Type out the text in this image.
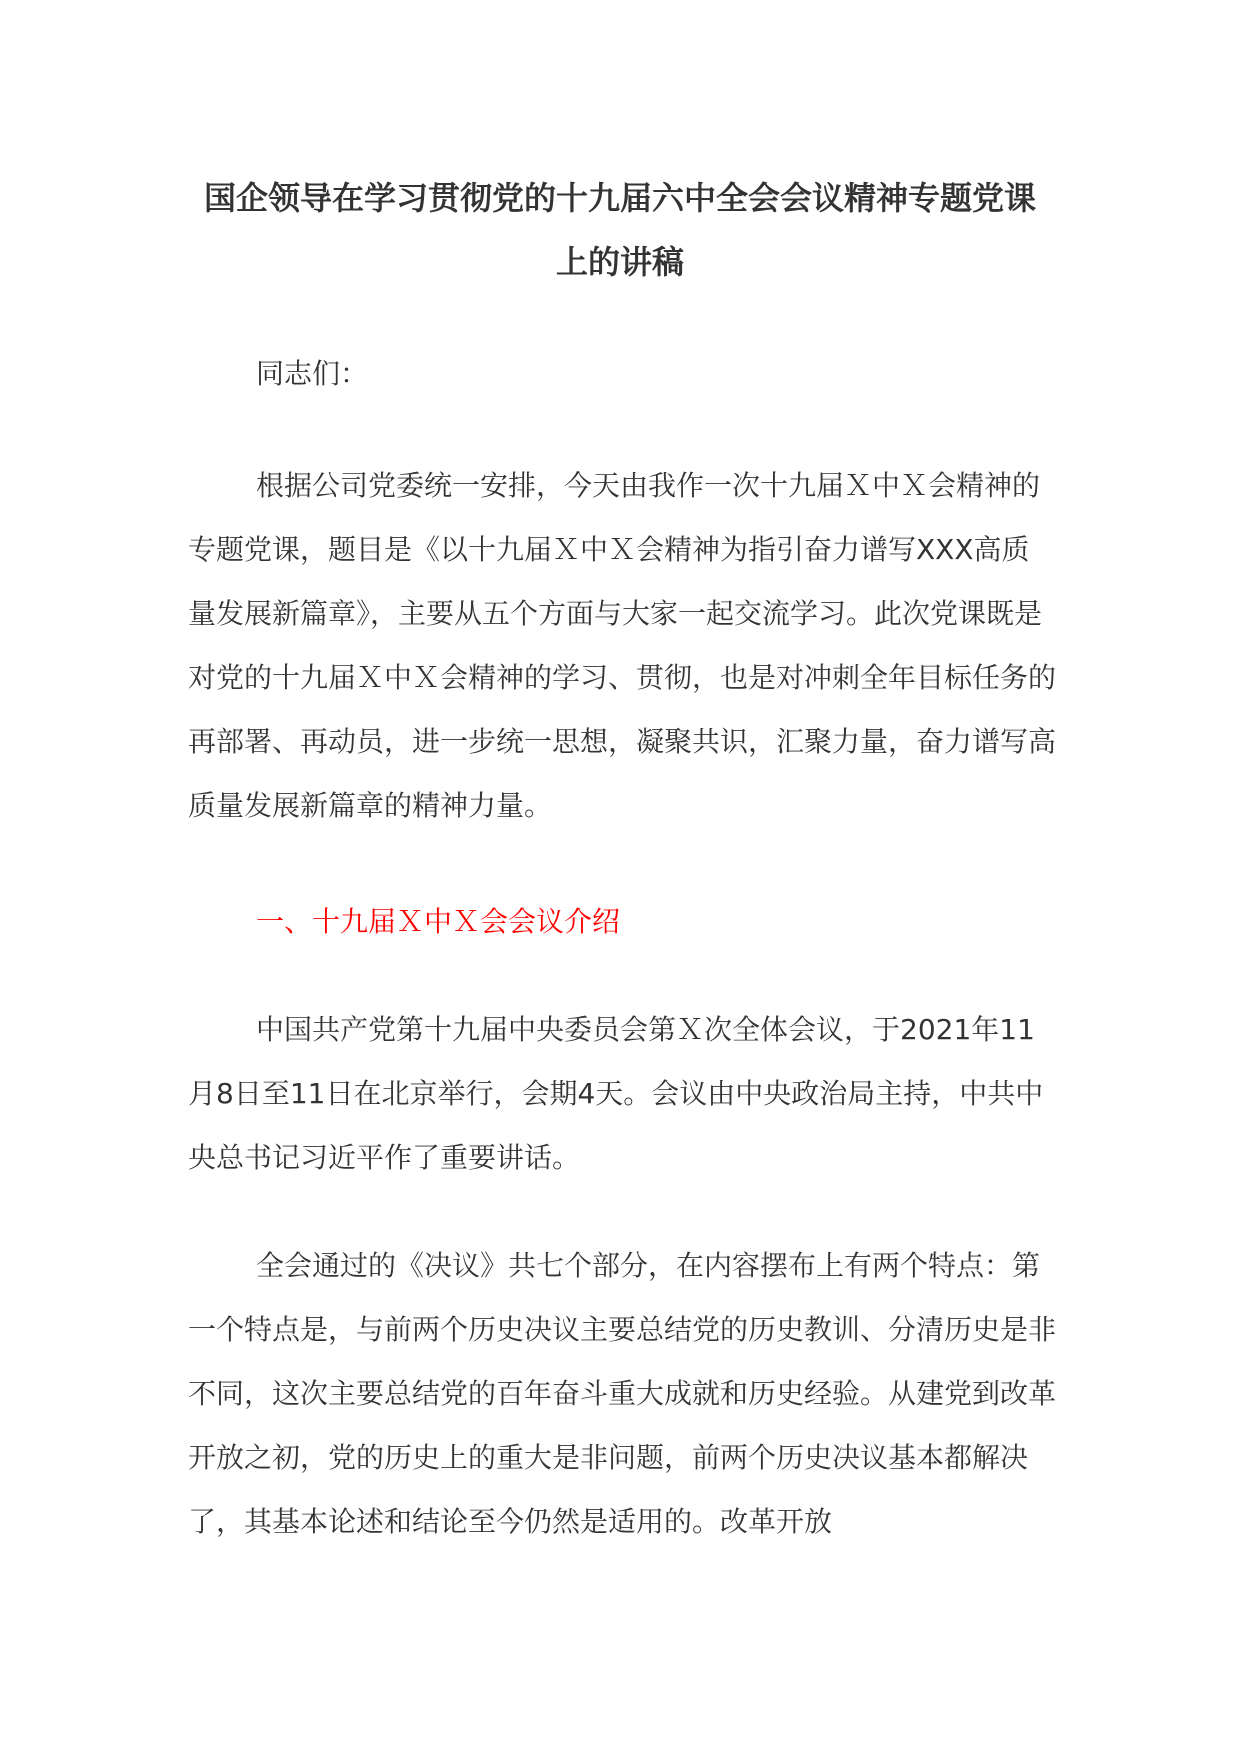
国企领导在学习贯彻党的十九届六中全会会议精神专题党课上的讲稿

同志们：

根据公司党委统一安排，今天由我作一次十九届Ｘ中Ｘ会精神的专题党课，题目是《以十九届Ｘ中Ｘ会精神为指引奋力谱写XXX高质量发展新篇章》，主要从五个方面与大家一起交流学习。此次党课既是对党的十九届Ｘ中Ｘ会精神的学习、贯彻，也是对冲刺全年目标任务的再部署、再动员，进一步统一思想，凝聚共识，汇聚力量，奋力谱写高质量发展新篇章的精神力量。

一、十九届Ｘ中Ｘ会会议介绍

中国共产党第十九届中央委员会第Ｘ次全体会议，于2021年11月8日至11日在北京举行，会期4天。会议由中央政治局主持，中共中央总书记习近平作了重要讲话。

全会通过的《决议》共七个部分，在内容摆布上有两个特点：第一个特点是，与前两个历史决议主要总结党的历史教训、分清历史是非不同，这次主要总结党的百年奋斗重大成就和历史经验。从建党到改革开放之初，党的历史上的重大是非问题，前两个历史决议基本都解决了，其基本论述和结论至今仍然是适用的。改革开放
